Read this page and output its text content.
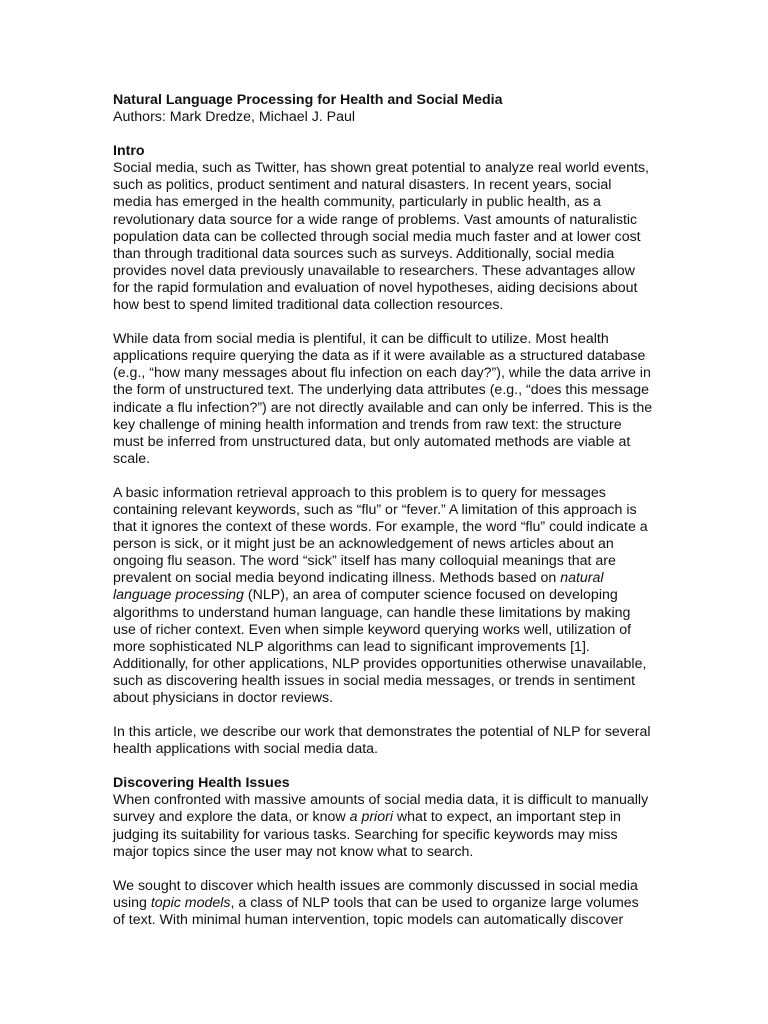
Natural Language Processing for Health and Social Media
Authors: Mark Dredze, Michael J. Paul
Intro

Social media, such as Twitter, has shown great potential to analyze real world events, such as politics, product sentiment and natural disasters. In recent years, social media has emerged in the health community, particularly in public health, as a revolutionary data source for a wide range of problems. Vast amounts of naturalistic population data can be collected through social media much faster and at lower cost than through traditional data sources such as surveys. Additionally, social media provides novel data previously unavailable to researchers. These advantages allow for the rapid formulation and evaluation of novel hypotheses, aiding decisions about how best to spend limited traditional data collection resources.

While data from social media is plentiful, it can be difficult to utilize. Most health applications require querying the data as if it were available as a structured database (e.g., “how many messages about flu infection on each day?”), while the data arrive in the form of unstructured text. The underlying data attributes (e.g., “does this message indicate a flu infection?”) are not directly available and can only be inferred. This is the key challenge of mining health information and trends from raw text: the structure must be inferred from unstructured data, but only automated methods are viable at scale.

A basic information retrieval approach to this problem is to query for messages containing relevant keywords, such as “flu” or “fever.” A limitation of this approach is that it ignores the context of these words. For example, the word “flu” could indicate a person is sick, or it might just be an acknowledgement of news articles about an ongoing flu season. The word “sick” itself has many colloquial meanings that are prevalent on social media beyond indicating illness. Methods based on natural language processing (NLP), an area of computer science focused on developing algorithms to understand human language, can handle these limitations by making use of richer context. Even when simple keyword querying works well, utilization of more sophisticated NLP algorithms can lead to significant improvements [1]. Additionally, for other applications, NLP provides opportunities otherwise unavailable, such as discovering health issues in social media messages, or trends in sentiment about physicians in doctor reviews.

In this article, we describe our work that demonstrates the potential of NLP for several health applications with social media data.

Discovering Health Issues

When confronted with massive amounts of social media data, it is difficult to manually survey and explore the data, or know a priori what to expect, an important step in judging its suitability for various tasks. Searching for specific keywords may miss major topics since the user may not know what to search.

We sought to discover which health issues are commonly discussed in social media using topic models, a class of NLP tools that can be used to organize large volumes of text. With minimal human intervention, topic models can automatically discover
